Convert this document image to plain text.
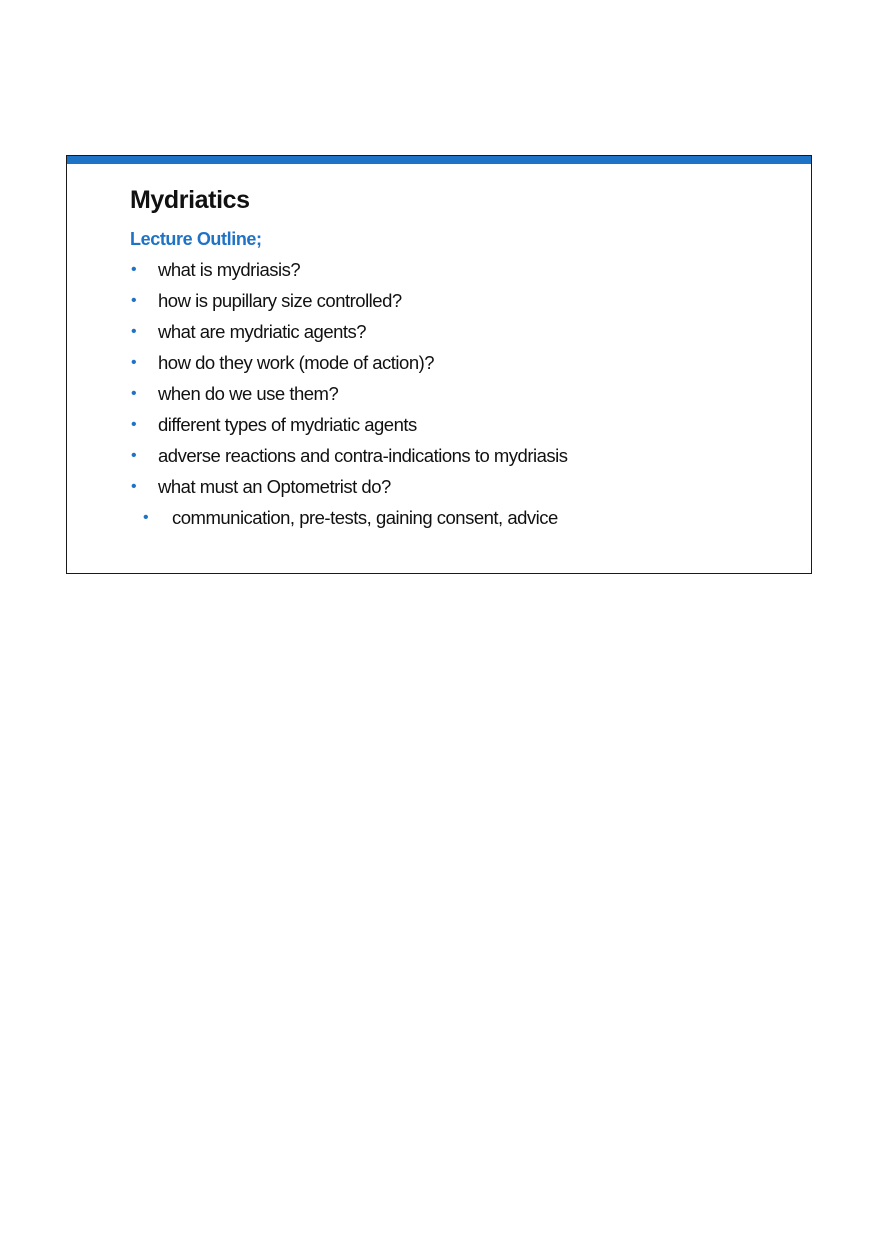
Mydriatics
Lecture Outline;
• what is mydriasis?
• how is pupillary size controlled?
• what are mydriatic agents?
• how do they work (mode of action)?
• when do we use them?
• different types of mydriatic agents
• adverse reactions and contra-indications to mydriasis
• what must an Optometrist do?
• communication, pre-tests, gaining consent, advice
